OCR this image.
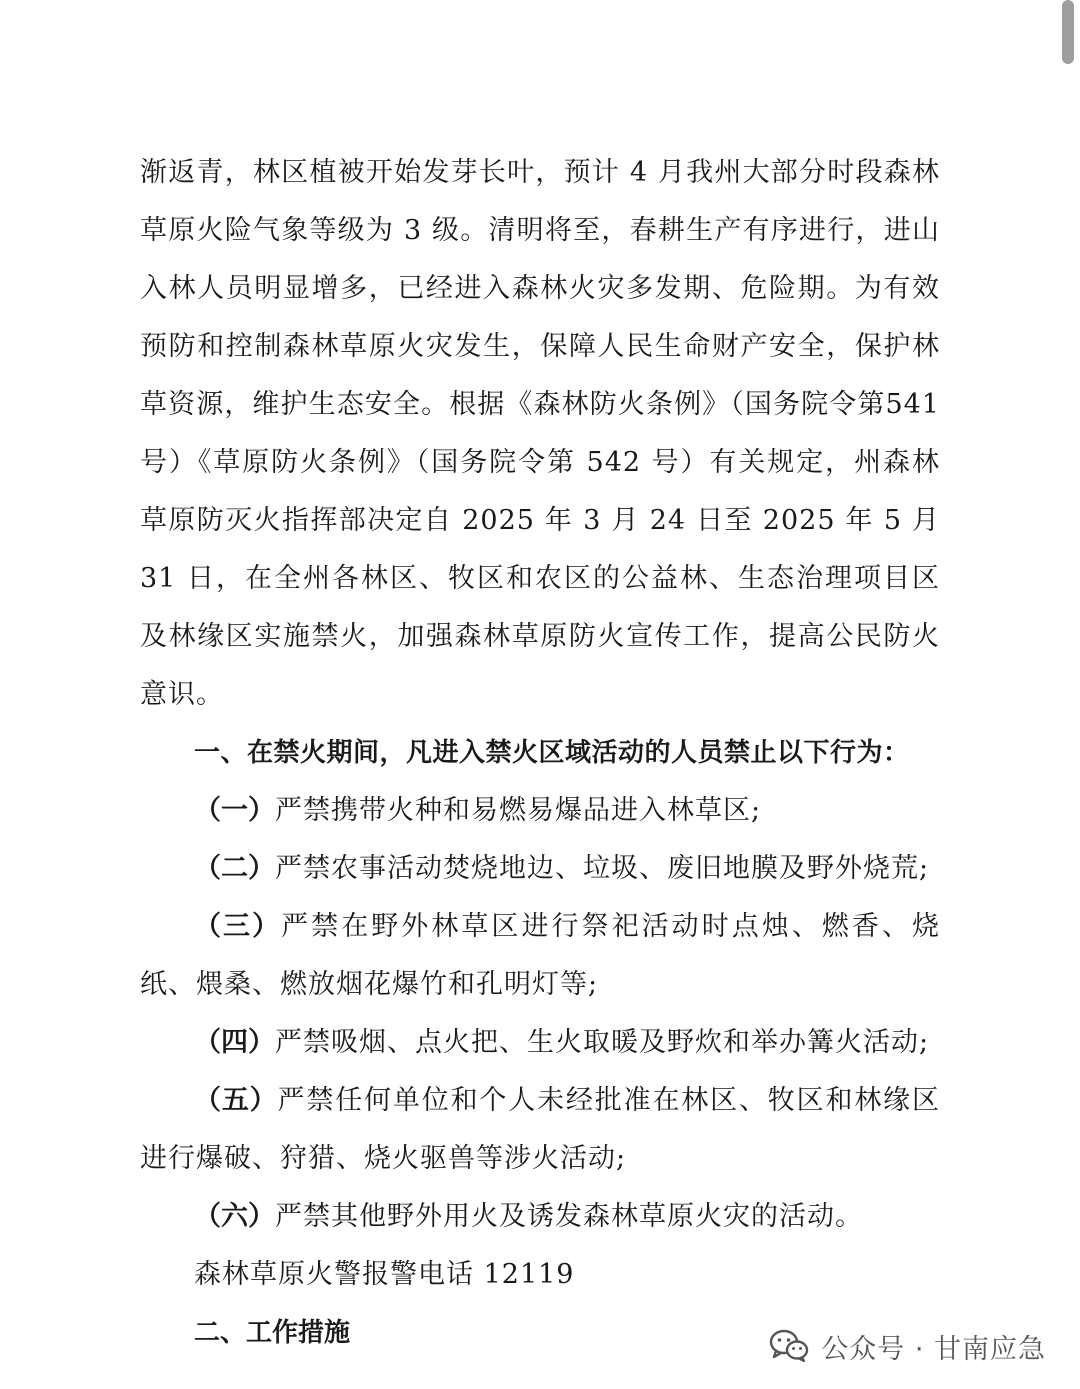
渐返青，林区植被开始发芽长叶，预计 4 月我州大部分时段森林草原火险气象等级为 3 级。清明将至，春耕生产有序进行，进山入林人员明显增多，已经进入森林火灾多发期、危险期。为有效预防和控制森林草原火灾发生，保障人民生命财产安全，保护林草资源，维护生态安全。根据《森林防火条例》（国务院令第541 号）《草原防火条例》（国务院令第 542 号）有关规定，州森林草原防灭火指挥部决定自 2025 年 3 月 24 日至 2025 年 5 月31 日，在全州各林区、牧区和农区的公益林、生态治理项目区及林缘区实施禁火，加强森林草原防火宣传工作，提高公民防火意识。

一、在禁火期间，凡进入禁火区域活动的人员禁止以下行为：

（一）严禁携带火种和易燃易爆品进入林草区;

（二）严禁农事活动焚烧地边、垃圾、废旧地膜及野外烧荒;

（三）严禁在野外林草区进行祭祀活动时点烛、燃香、烧纸、煨桑、燃放烟花爆竹和孔明灯等;

（四）严禁吸烟、点火把、生火取暖及野炊和举办篝火活动;

（五）严禁任何单位和个人未经批准在林区、牧区和林缘区进行爆破、狩猎、烧火驱兽等涉火活动;

（六）严禁其他野外用火及诱发森林草原火灾的活动。

森林草原火警报警电话 12119

二、工作措施

公众号 · 甘南应急
